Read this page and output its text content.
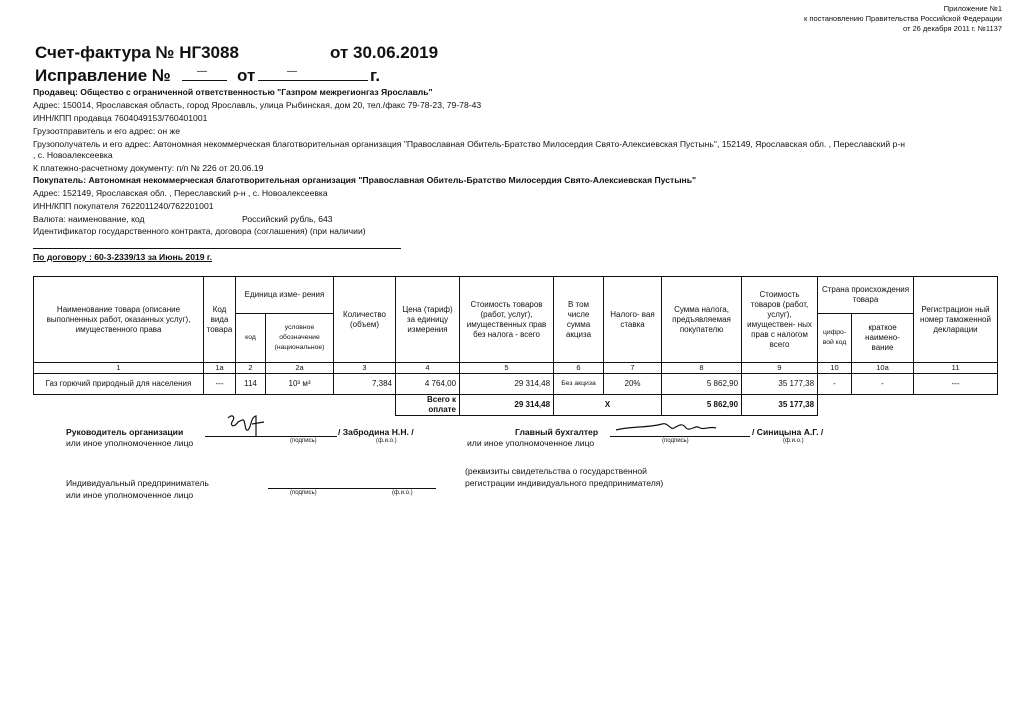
Приложение №1
к постановлению Правительства Российской Федерации
от 26 декабря 2011 г. №1137
Счет-фактура № НГ3088	от 30.06.2019
Исправление №	— от	—	г.
Продавец: Общество с ограниченной ответственностью "Газпром межрегионгаз Ярославль"
Адрес: 150014, Ярославская область, город Ярославль, улица Рыбинская, дом 20, тел./факс 79-78-23, 79-78-43
ИНН/КПП продавца 7604049153/760401001
Грузоотправитель и его адрес: он же
Грузополучатель и его адрес: Автономная некоммерческая благотворительная организация "Православная Обитель-Братство Милосердия Свято-Алексиевская Пустынь", 152149, Ярославская обл. , Переславский р-н
, с. Новоалексеевка
К платежно-расчетному документу: п/п № 226 от 20.06.19
Покупатель: Автономная некоммерческая благотворительная организация "Православная Обитель-Братство Милосердия Свято-Алексиевская Пустынь"
Адрес: 152149, Ярославская обл. , Переславский р-н , с. Новоалексеевка
ИНН/КПП покупателя 7622011240/762201001
Валюта: наименование, код	Российский рубль, 643
Идентификатор государственного контракта, договора (соглашения) (при наличии)
По договору : 60-3-2339/13 за Июнь 2019 г.
Наименование товара (описание выполненных работ, оказанных услуг), имущественного права	Код вида товара	Единица изме- рения		Количество (объем)	Цена (тариф) за единицу измерения	Стоимость товаров (работ, услуг), имущественных прав без налога - всего	В том числе сумма акциза	Налого- вая ставка	Сумма налога, предъявляемая покупателю	Стоимость товаров (работ, услуг), имуществен- ных прав с налогом всего	Страна происхождения товара		Регистрацион ный номер таможенной декларации
		код	условное обозначение (национальное)								цифро- вой код	краткое наимено- вание	
1	1а	2	2а	3	4	5	6	7	8	9	10	10а	11
Газ горючий природный для населения	---	114	10³ м³	7,384	4 764,00	29 314,48	Без акциза	20%	5 862,90	35 177,38	-	-	---
					Всего к оплате	29 314,48	X		5 862,90	35 177,38			
Руководитель организации
или иное уполномоченное лицо
/ Забродина Н.Н. /
(подпись)	(ф.и.о.)
Главный бухгалтер
или иное уполномоченное лицо
/ Синицына А.Г. /
(подпись)	(ф.и.о.)
(реквизиты свидетельства о государственной
регистрации индивидуального предпринимателя)
Индивидуальный предприниматель
или иное уполномоченное лицо	(подпись)	(ф.и.о.)
